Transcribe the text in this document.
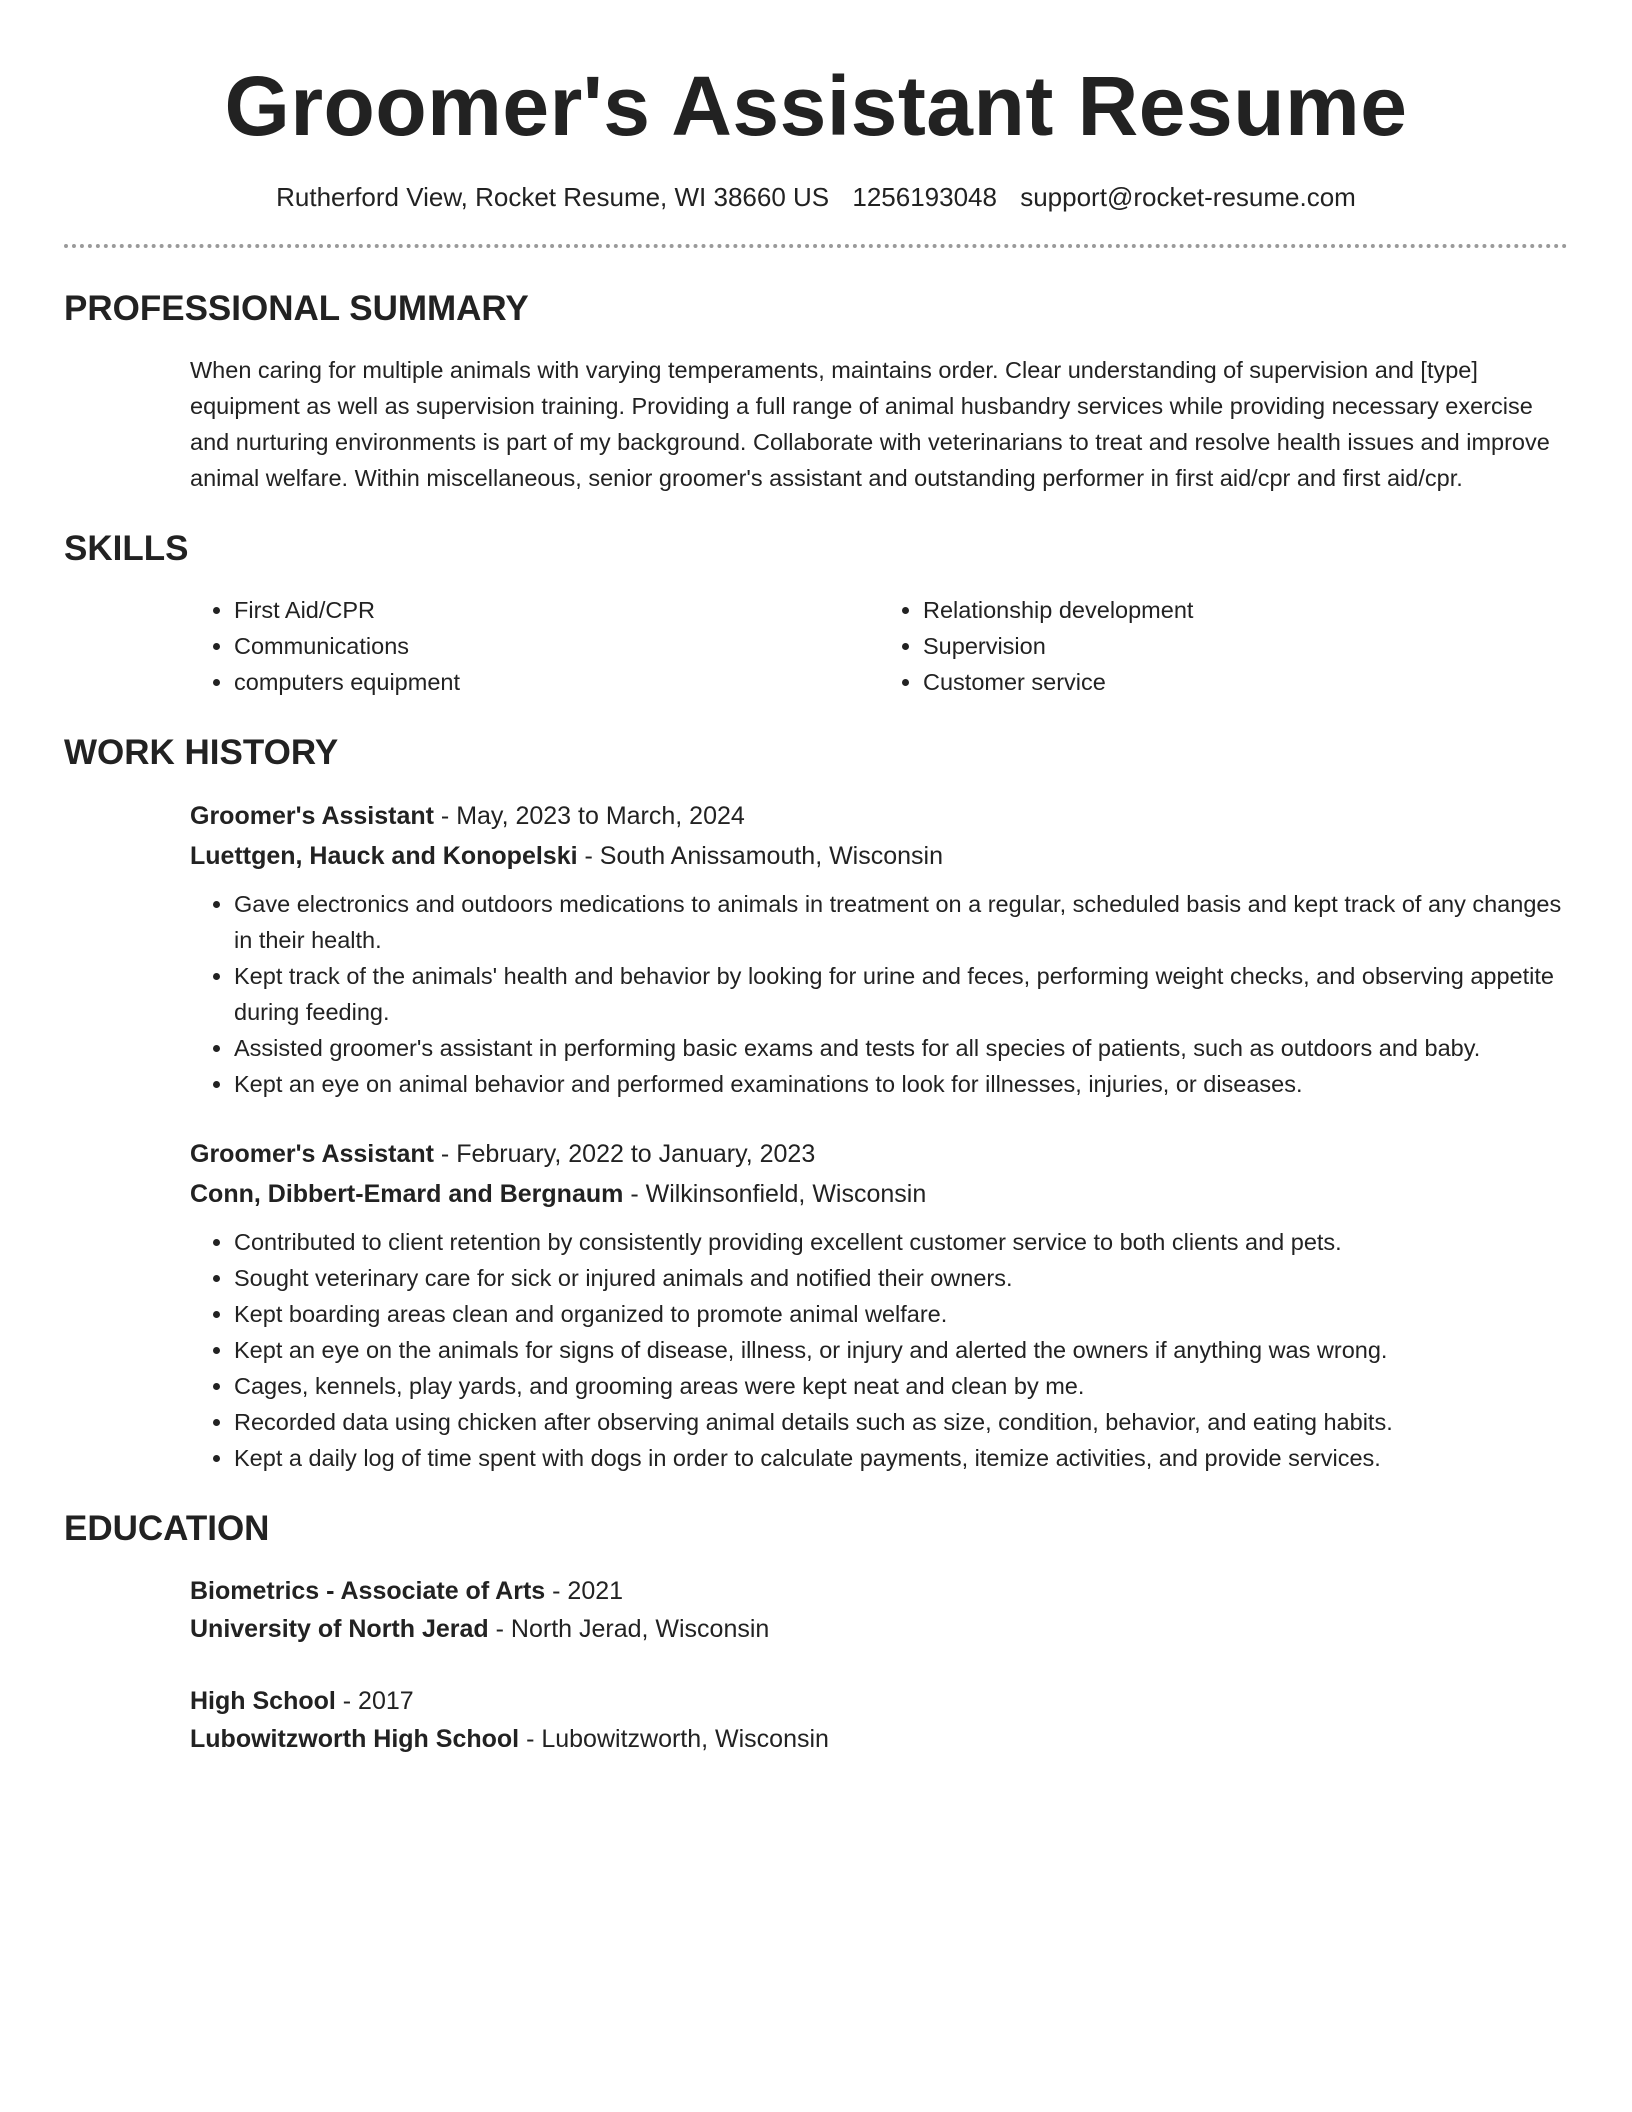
Groomer's Assistant Resume
Rutherford View, Rocket Resume, WI 38660 US 1256193048 support@rocket-resume.com
PROFESSIONAL SUMMARY

When caring for multiple animals with varying temperaments, maintains order. Clear understanding of supervision and [type] equipment as well as supervision training. Providing a full range of animal husbandry services while providing necessary exercise and nurturing environments is part of my background. Collaborate with veterinarians to treat and resolve health issues and improve animal welfare. Within miscellaneous, senior groomer's assistant and outstanding performer in first aid/cpr and first aid/cpr.

SKILLS
• First Aid/CPR
• Communications
• computers equipment
• Relationship development
• Supervision
• Customer service
WORK HISTORY
Groomer's Assistant - May, 2023 to March, 2024
Luettgen, Hauck and Konopelski - South Anissamouth, Wisconsin
• Gave electronics and outdoors medications to animals in treatment on a regular, scheduled basis and kept track of any changes in their health.
• Kept track of the animals' health and behavior by looking for urine and feces, performing weight checks, and observing appetite during feeding.
• Assisted groomer's assistant in performing basic exams and tests for all species of patients, such as outdoors and baby.
• Kept an eye on animal behavior and performed examinations to look for illnesses, injuries, or diseases.
Groomer's Assistant - February, 2022 to January, 2023
Conn, Dibbert-Emard and Bergnaum - Wilkinsonfield, Wisconsin
• Contributed to client retention by consistently providing excellent customer service to both clients and pets.
• Sought veterinary care for sick or injured animals and notified their owners.
• Kept boarding areas clean and organized to promote animal welfare.
• Kept an eye on the animals for signs of disease, illness, or injury and alerted the owners if anything was wrong.
• Cages, kennels, play yards, and grooming areas were kept neat and clean by me.
• Recorded data using chicken after observing animal details such as size, condition, behavior, and eating habits.
• Kept a daily log of time spent with dogs in order to calculate payments, itemize activities, and provide services.
EDUCATION
Biometrics - Associate of Arts - 2021
University of North Jerad - North Jerad, Wisconsin
High School - 2017
Lubowitzworth High School - Lubowitzworth, Wisconsin
